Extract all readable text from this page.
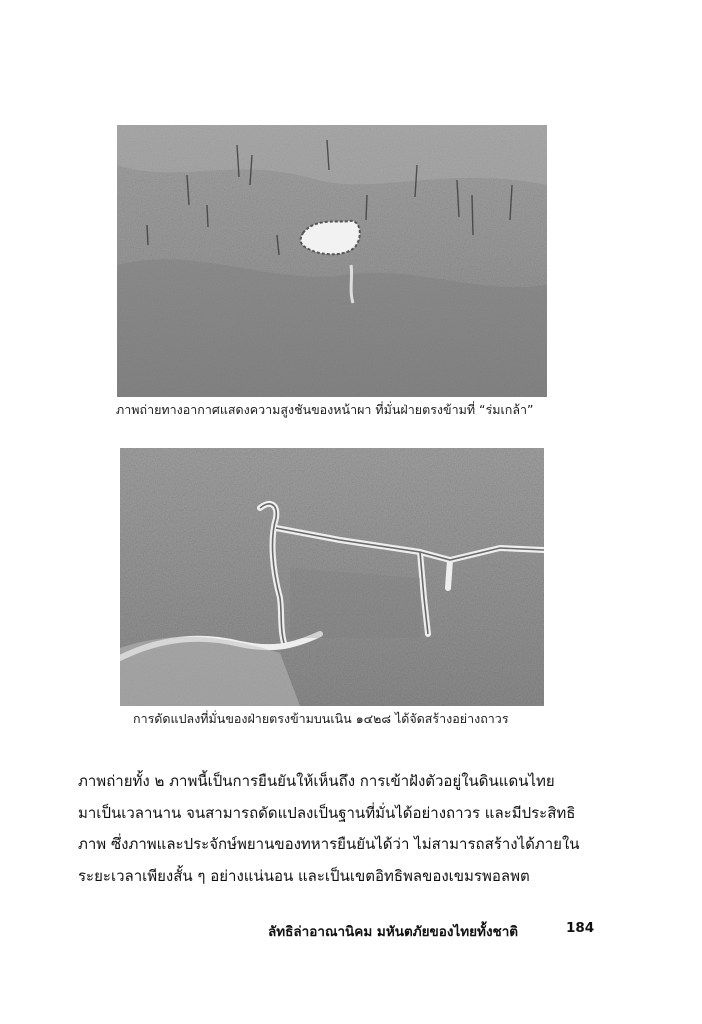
ภาพถ่ายทางอากาศแสดงความสูงชันของหน้าผา ที่มั่นฝ่ายตรงข้ามที่ “ร่มเกล้า”
การดัดแปลงที่มั่นของฝ่ายตรงข้ามบนเนิน ๑๔๒๘ ได้จัดสร้างอย่างถาวร
ภาพถ่ายทั้ง ๒ ภาพนี้เป็นการยืนยันให้เห็นถึง การเข้าฝังตัวอยู่ในดินแดนไทย
มาเป็นเวลานาน จนสามารถดัดแปลงเป็นฐานที่มั่นได้อย่างถาวร และมีประสิทธิ
ภาพ ซึ่งภาพและประจักษ์พยานของทหารยืนยันได้ว่า ไม่สามารถสร้างได้ภายใน
ระยะเวลาเพียงสั้น ๆ อย่างแน่นอน และเป็นเขตอิทธิพลของเขมรพอลพต
ลัทธิล่าอาณานิคม มหันตภัยของไทยทั้งชาติ	184
